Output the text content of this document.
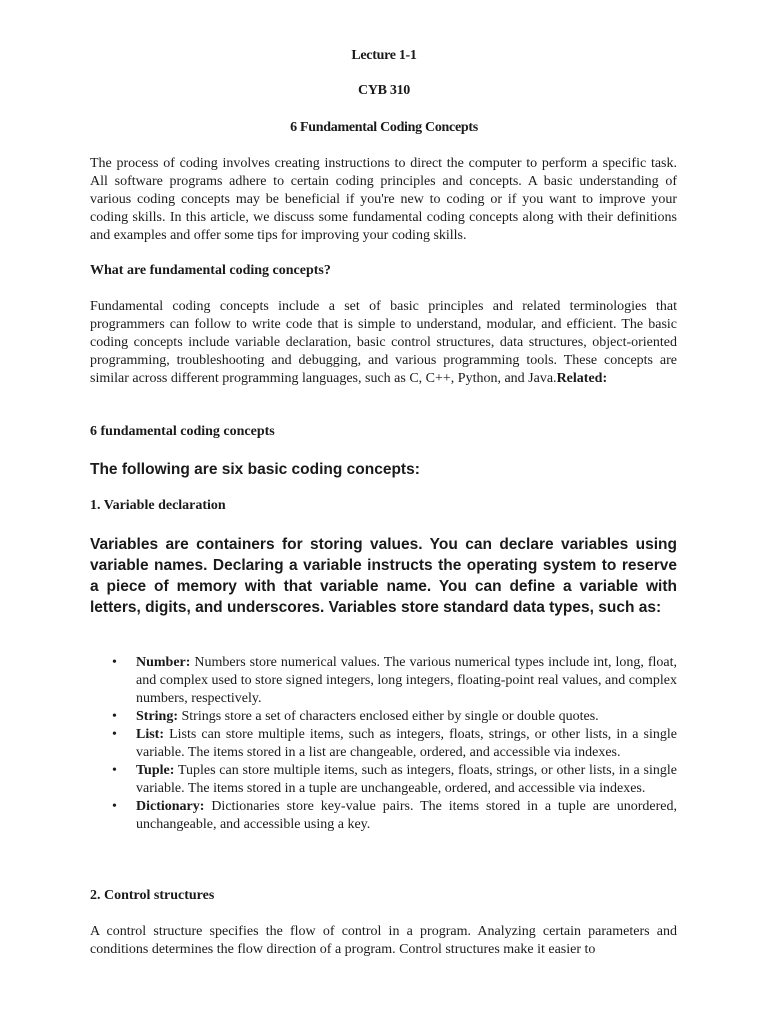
Lecture 1-1

CYB 310

6 Fundamental Coding Concepts

The process of coding involves creating instructions to direct the computer to perform a specific task. All software programs adhere to certain coding principles and concepts. A basic understanding of various coding concepts may be beneficial if you're new to coding or if you want to improve your coding skills. In this article, we discuss some fundamental coding concepts along with their definitions and examples and offer some tips for improving your coding skills.

What are fundamental coding concepts?

Fundamental coding concepts include a set of basic principles and related terminologies that programmers can follow to write code that is simple to understand, modular, and efficient. The basic coding concepts include variable declaration, basic control structures, data structures, object-oriented programming, troubleshooting and debugging, and various programming tools. These concepts are similar across different programming languages, such as C, C++, Python, and Java.Related:

6 fundamental coding concepts

The following are six basic coding concepts:

1. Variable declaration

Variables are containers for storing values. You can declare variables using variable names. Declaring a variable instructs the operating system to reserve a piece of memory with that variable name. You can define a variable with letters, digits, and underscores. Variables store standard data types, such as:

• Number: Numbers store numerical values. The various numerical types include int, long, float, and complex used to store signed integers, long integers, floating-point real values, and complex numbers, respectively.
• String: Strings store a set of characters enclosed either by single or double quotes.
• List: Lists can store multiple items, such as integers, floats, strings, or other lists, in a single variable. The items stored in a list are changeable, ordered, and accessible via indexes.
• Tuple: Tuples can store multiple items, such as integers, floats, strings, or other lists, in a single variable. The items stored in a tuple are unchangeable, ordered, and accessible via indexes.
• Dictionary: Dictionaries store key-value pairs. The items stored in a tuple are unordered, unchangeable, and accessible using a key.

2. Control structures

A control structure specifies the flow of control in a program. Analyzing certain parameters and conditions determines the flow direction of a program. Control structures make it easier to
